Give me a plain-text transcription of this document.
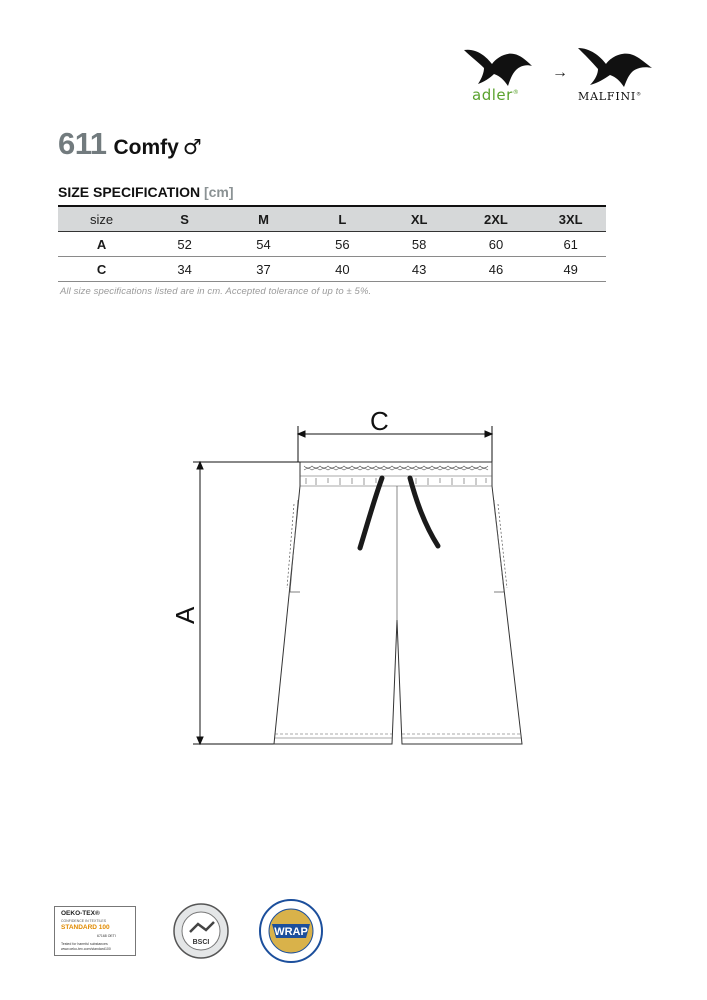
adler®
→
MALFINI®
611 Comfy ♂
SIZE SPECIFICATION [cm]
size	S	M	L	XL	2XL	3XL
A	52	54	56	58	60	61
C	34	37	40	43	46	49
All size specifications listed are in cm. Accepted tolerance of up to ± 5%.
C
A
OEKO-TEX®
CONFIDENCE IN TEXTILES
STANDARD 100
67168 OETI
Tested for harmful substances www.oeko-tex.com/standard100
BSCI
WRAP
